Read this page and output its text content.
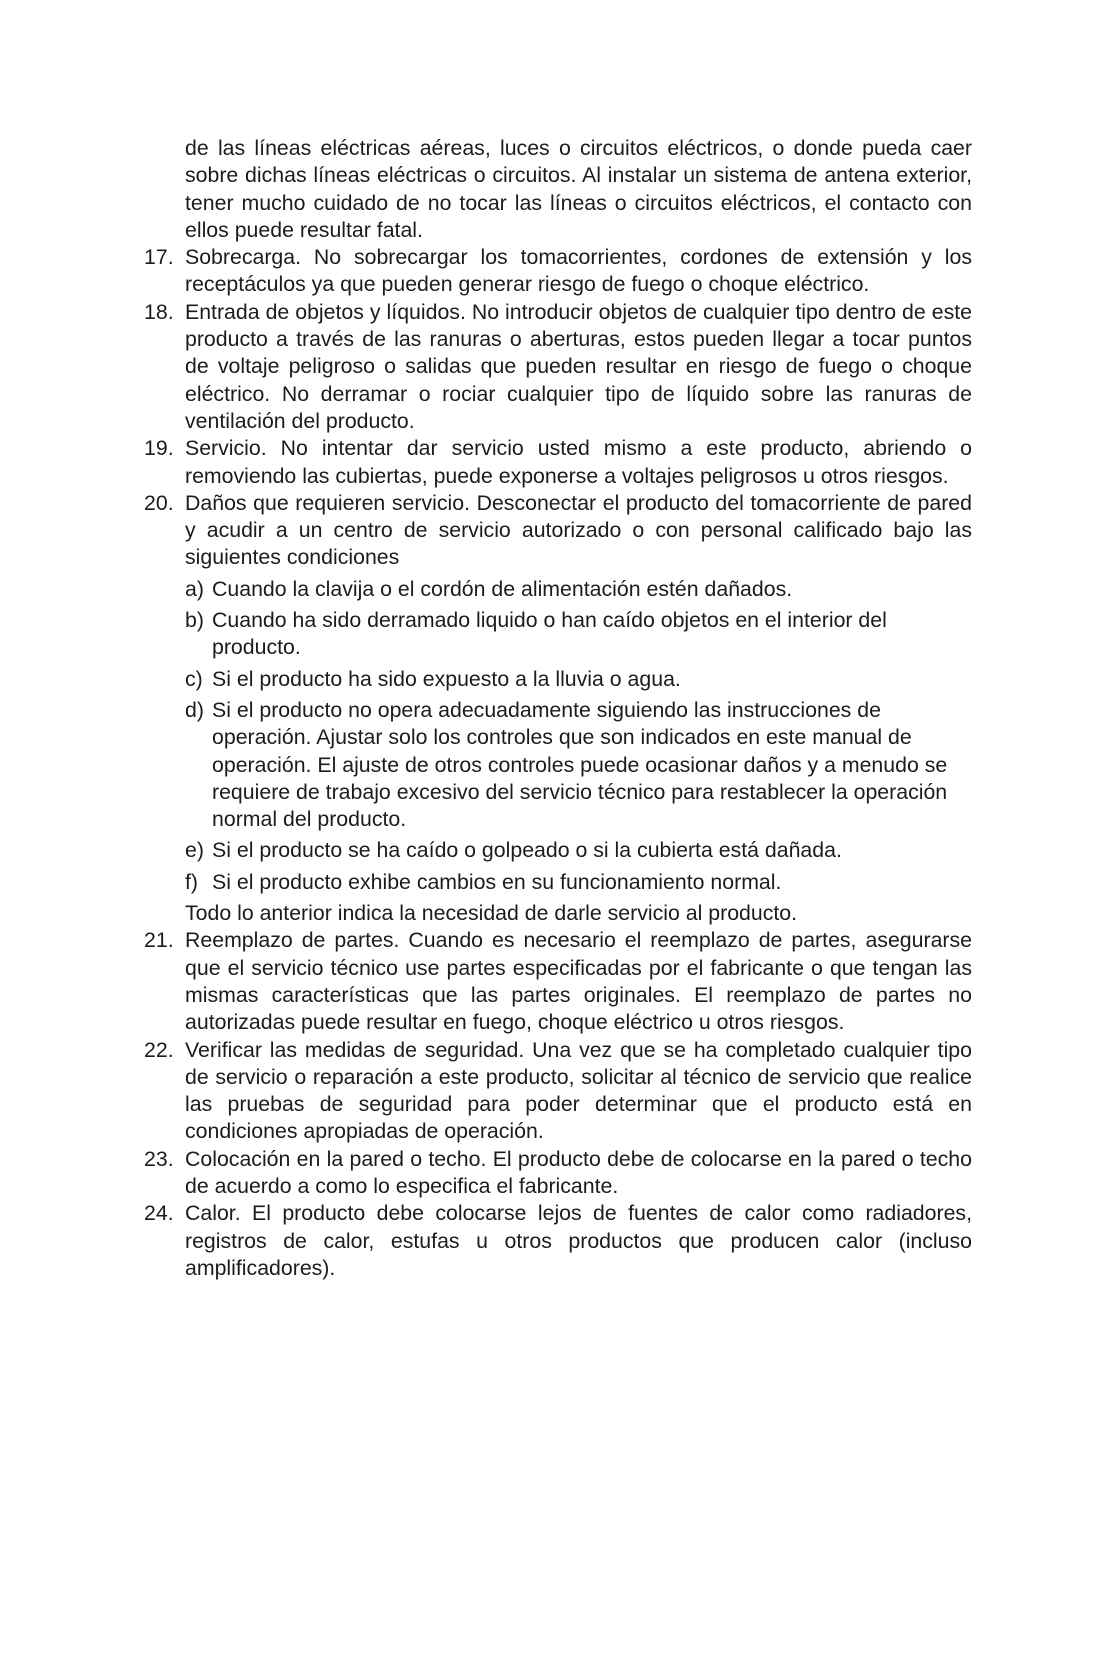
de las líneas eléctricas aéreas, luces o circuitos eléctricos, o donde pueda caer sobre dichas líneas eléctricas o circuitos. Al instalar un sistema de antena exterior, tener mucho cuidado de no tocar las líneas o circuitos eléctricos, el contacto con ellos puede resultar fatal.
17. Sobrecarga. No sobrecargar los tomacorrientes, cordones de extensión y los receptáculos ya que pueden generar riesgo de fuego o choque eléctrico.
18. Entrada de objetos y líquidos. No introducir objetos de cualquier tipo dentro de este producto a través de las ranuras o aberturas, estos pueden llegar a tocar puntos de voltaje peligroso o salidas que pueden resultar en riesgo de fuego o choque eléctrico. No derramar o rociar cualquier tipo de líquido sobre las ranuras de ventilación del producto.
19. Servicio. No intentar dar servicio usted mismo a este producto, abriendo o removiendo las cubiertas, puede exponerse a voltajes peligrosos u otros riesgos.
20. Daños que requieren servicio. Desconectar el producto del tomacorriente de pared y acudir a un centro de servicio autorizado o con personal calificado bajo las siguientes condiciones
a) Cuando la clavija o el cordón de alimentación estén dañados.
b) Cuando ha sido derramado liquido o han caído objetos en el interior del producto.
c) Si el producto ha sido expuesto a la lluvia o agua.
d) Si el producto no opera adecuadamente siguiendo las instrucciones de operación. Ajustar solo los controles que son indicados en este manual de operación. El ajuste de otros controles puede ocasionar daños y a menudo se requiere de trabajo excesivo del servicio técnico para restablecer la operación normal del producto.
e) Si el producto se ha caído o golpeado o si la cubierta está dañada.
f) Si el producto exhibe cambios en su funcionamiento normal.
Todo lo anterior indica la necesidad de darle servicio al producto.
21. Reemplazo de partes. Cuando es necesario el reemplazo de partes, asegurarse que el servicio técnico use partes especificadas por el fabricante o que tengan las mismas características que las partes originales. El reemplazo de partes no autorizadas puede resultar en fuego, choque eléctrico u otros riesgos.
22. Verificar las medidas de seguridad. Una vez que se ha completado cualquier tipo de servicio o reparación a este producto, solicitar al técnico de servicio que realice las pruebas de seguridad para poder determinar que el producto está en condiciones apropiadas de operación.
23. Colocación en la pared o techo. El producto debe de colocarse en la pared o techo de acuerdo a como lo especifica el fabricante.
24. Calor. El producto debe colocarse lejos de fuentes de calor como radiadores, registros de calor, estufas u otros productos que producen calor (incluso amplificadores).
